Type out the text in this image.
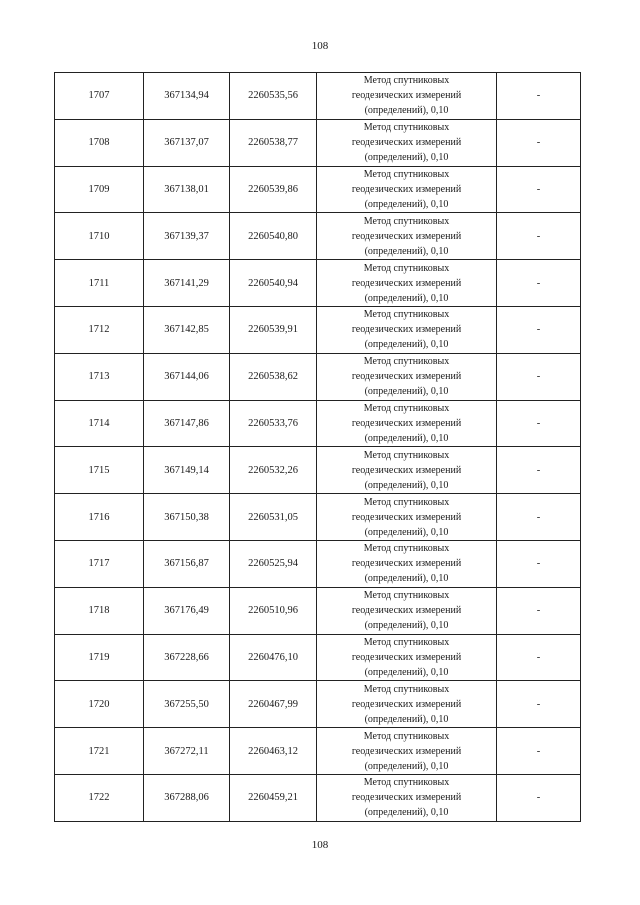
108
1707	367134,94	2260535,56	Метод спутниковых
геодезических измерений
(определений), 0,10	-
1708	367137,07	2260538,77	Метод спутниковых
геодезических измерений
(определений), 0,10	-
1709	367138,01	2260539,86	Метод спутниковых
геодезических измерений
(определений), 0,10	-
1710	367139,37	2260540,80	Метод спутниковых
геодезических измерений
(определений), 0,10	-
1711	367141,29	2260540,94	Метод спутниковых
геодезических измерений
(определений), 0,10	-
1712	367142,85	2260539,91	Метод спутниковых
геодезических измерений
(определений), 0,10	-
1713	367144,06	2260538,62	Метод спутниковых
геодезических измерений
(определений), 0,10	-
1714	367147,86	2260533,76	Метод спутниковых
геодезических измерений
(определений), 0,10	-
1715	367149,14	2260532,26	Метод спутниковых
геодезических измерений
(определений), 0,10	-
1716	367150,38	2260531,05	Метод спутниковых
геодезических измерений
(определений), 0,10	-
1717	367156,87	2260525,94	Метод спутниковых
геодезических измерений
(определений), 0,10	-
1718	367176,49	2260510,96	Метод спутниковых
геодезических измерений
(определений), 0,10	-
1719	367228,66	2260476,10	Метод спутниковых
геодезических измерений
(определений), 0,10	-
1720	367255,50	2260467,99	Метод спутниковых
геодезических измерений
(определений), 0,10	-
1721	367272,11	2260463,12	Метод спутниковых
геодезических измерений
(определений), 0,10	-
1722	367288,06	2260459,21	Метод спутниковых
геодезических измерений
(определений), 0,10	-
108
